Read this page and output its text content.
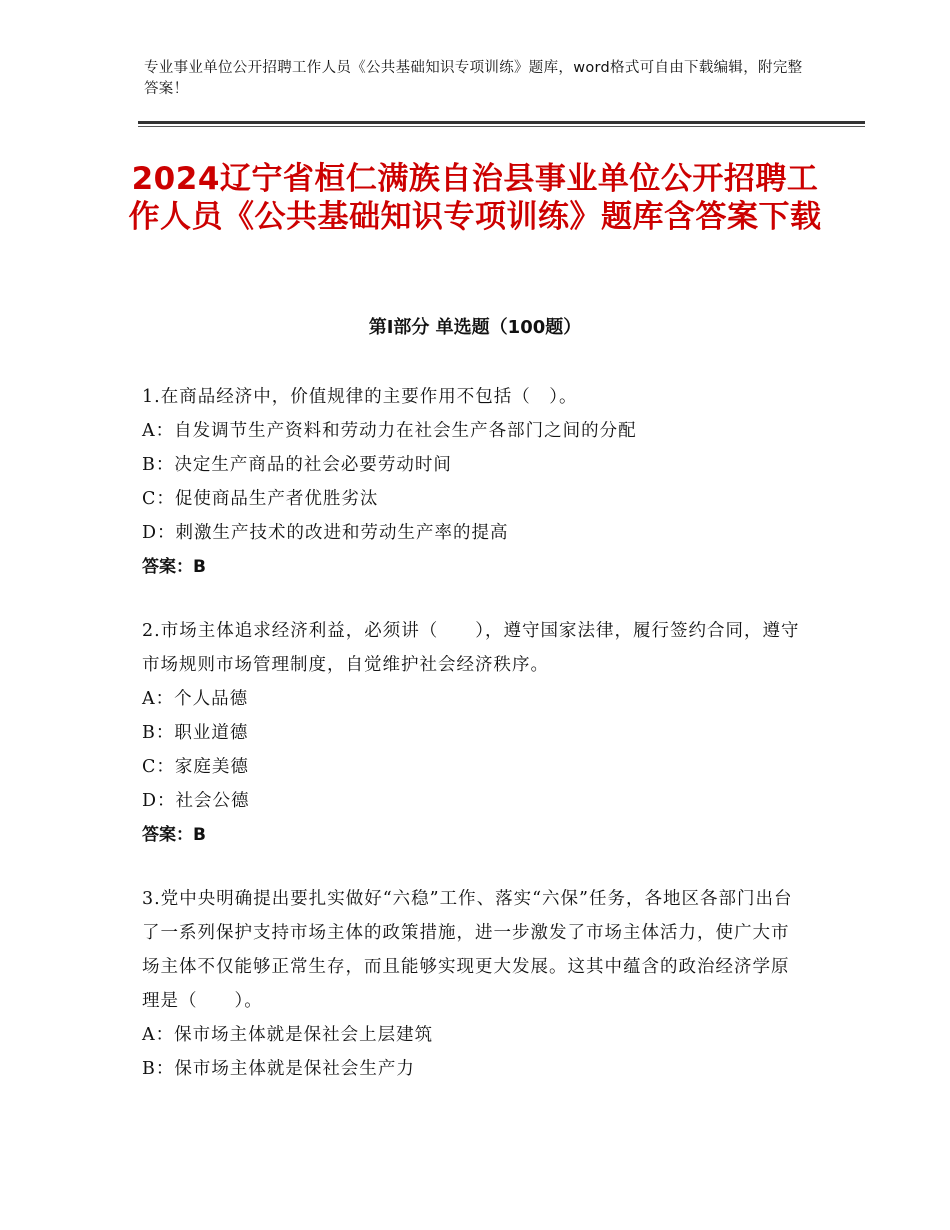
专业事业单位公开招聘工作人员《公共基础知识专项训练》题库，word格式可自由下载编辑，附完整答案！
2024辽宁省桓仁满族自治县事业单位公开招聘工作人员《公共基础知识专项训练》题库含答案下载
第Ⅰ部分 单选题（100题）

1.在商品经济中，价值规律的主要作用不包括（　）。

A：自发调节生产资料和劳动力在社会生产各部门之间的分配

B：决定生产商品的社会必要劳动时间

C：促使商品生产者优胜劣汰

D：刺激生产技术的改进和劳动生产率的提高

答案：B

2.市场主体追求经济利益，必须讲（　　），遵守国家法律，履行签约合同，遵守市场规则市场管理制度，自觉维护社会经济秩序。

A：个人品德

B：职业道德

C：家庭美德

D：社会公德

答案：B

3.党中央明确提出要扎实做好“六稳”工作、落实“六保”任务，各地区各部门出台了一系列保护支持市场主体的政策措施，进一步激发了市场主体活力，使广大市场主体不仅能够正常生存，而且能够实现更大发展。这其中蕴含的政治经济学原理是（　　）。

A：保市场主体就是保社会上层建筑

B：保市场主体就是保社会生产力
